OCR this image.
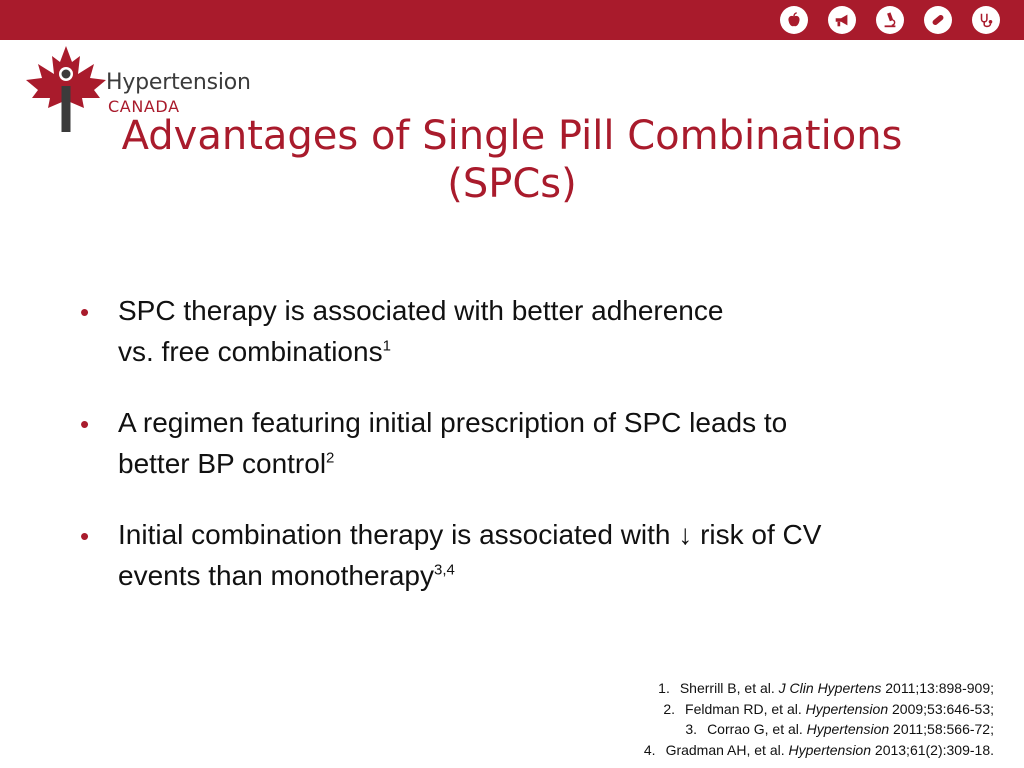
Hypertension
CANADA
Advantages of Single Pill Combinations
(SPCs)
• SPC therapy is associated with better adherence
vs. free combinations$^1$
• A regimen featuring initial prescription of SPC leads to
better BP control$^2$
• Initial combination therapy is associated with ↓ risk of CV
events than monotherapy$^{3,4}$
1. Sherrill B, et al. J Clin Hypertens 2011;13:898-909;
2. Feldman RD, et al. Hypertension 2009;53:646-53;
3. Corrao G, et al. Hypertension 2011;58:566-72;
4. Gradman AH, et al. Hypertension 2013;61(2):309-18.
